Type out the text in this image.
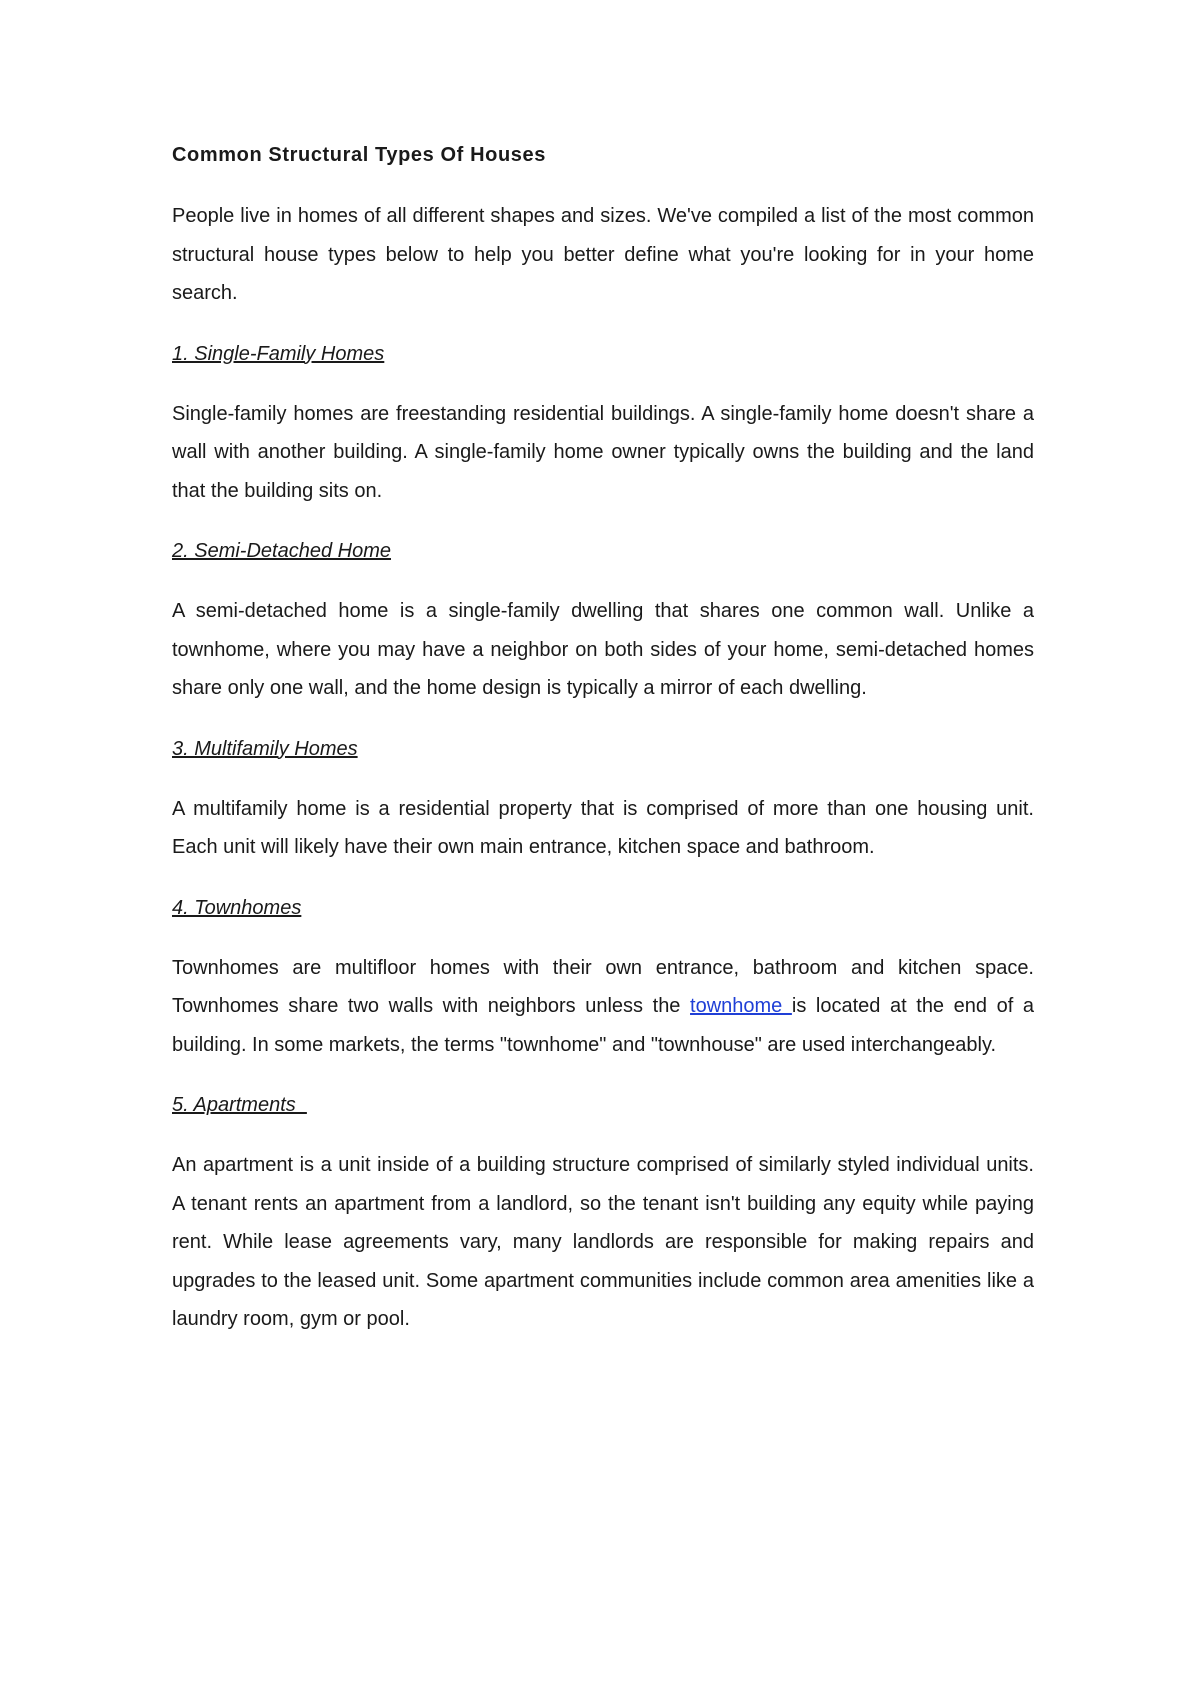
Common Structural Types Of Houses

People live in homes of all different shapes and sizes. We've compiled a list of the most common structural house types below to help you better define what you're looking for in your home search.

1. Single-Family Homes

Single-family homes are freestanding residential buildings. A single-family home doesn't share a wall with another building. A single-family home owner typically owns the building and the land that the building sits on.

2. Semi-Detached Home

A semi-detached home is a single-family dwelling that shares one common wall. Unlike a townhome, where you may have a neighbor on both sides of your home, semi-detached homes share only one wall, and the home design is typically a mirror of each dwelling.

3. Multifamily Homes

A multifamily home is a residential property that is comprised of more than one housing unit. Each unit will likely have their own main entrance, kitchen space and bathroom.

4. Townhomes

Townhomes are multifloor homes with their own entrance, bathroom and kitchen space. Townhomes share two walls with neighbors unless the townhome is located at the end of a building. In some markets, the terms "townhome" and "townhouse" are used interchangeably.

5. Apartments

An apartment is a unit inside of a building structure comprised of similarly styled individual units. A tenant rents an apartment from a landlord, so the tenant isn't building any equity while paying rent. While lease agreements vary, many landlords are responsible for making repairs and upgrades to the leased unit. Some apartment communities include common area amenities like a laundry room, gym or pool.
